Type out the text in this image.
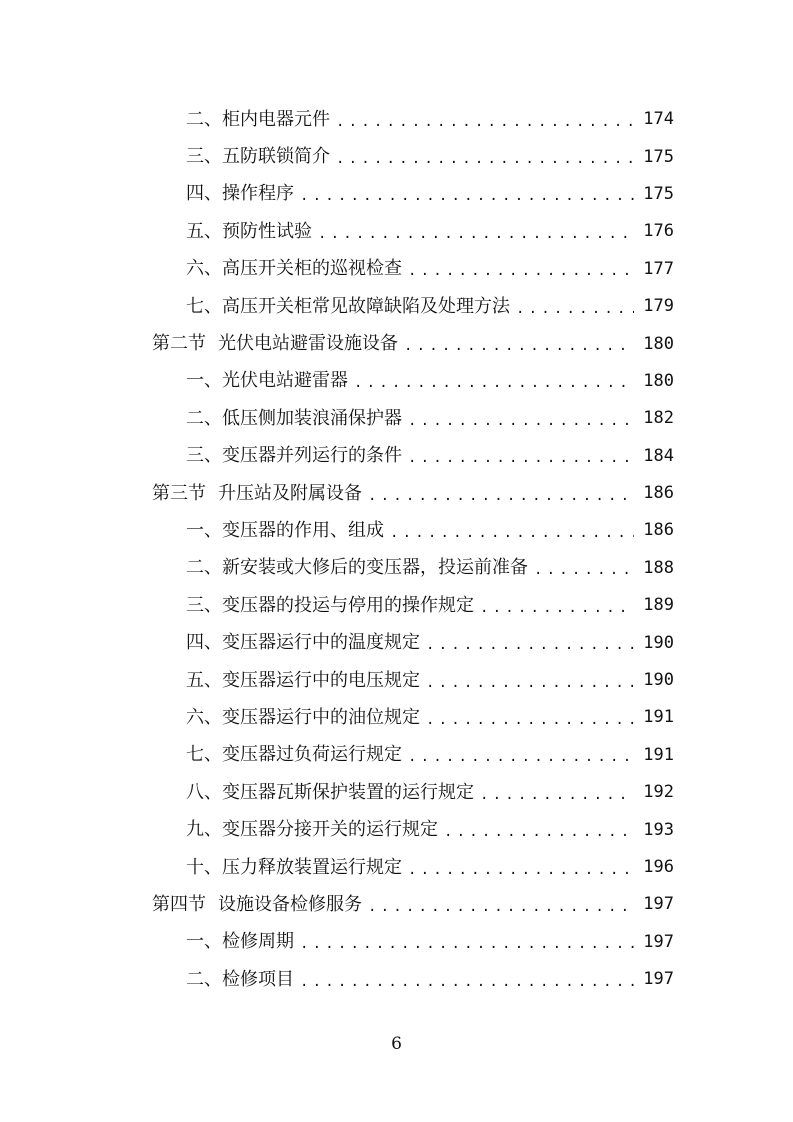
二、柜内电器元件 .....	174
三、五防联锁简介 .....	175
四、操作程序 .....	175
五、预防性试验 .....	176
六、高压开关柜的巡视检查 .....	177
七、高压开关柜常见故障缺陷及处理方法 .....	179
第二节 光伏电站避雷设施设备 .....	180
一、光伏电站避雷器 .....	180
二、低压侧加装浪涌保护器 .....	182
三、变压器并列运行的条件 .....	184
第三节 升压站及附属设备 .....	186
一、变压器的作用、组成 .....	186
二、新安装或大修后的变压器，投运前准备 .....	188
三、变压器的投运与停用的操作规定 .....	189
四、变压器运行中的温度规定 .....	190
五、变压器运行中的电压规定 .....	190
六、变压器运行中的油位规定 .....	191
七、变压器过负荷运行规定 .....	191
八、变压器瓦斯保护装置的运行规定 .....	192
九、变压器分接开关的运行规定 .....	193
十、压力释放装置运行规定 .....	196
第四节 设施设备检修服务 .....	197
一、检修周期 .....	197
二、检修项目 .....	197
6
